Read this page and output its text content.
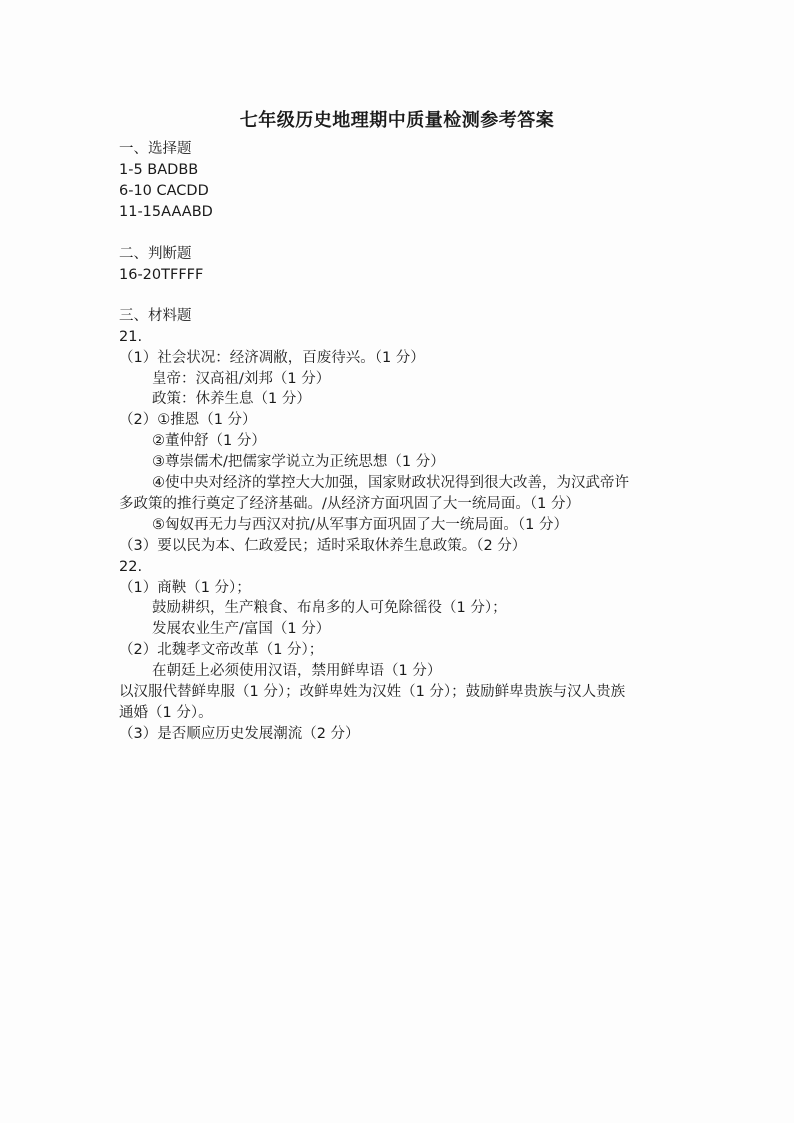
七年级历史地理期中质量检测参考答案
一、选择题
1-5 BADBB
6-10 CACDD
11-15AAABD
二、判断题
16-20TFFFF
三、材料题
21.
（1）社会状况：经济凋敝，百废待兴。（1 分）
皇帝：汉高祖/刘邦（1 分）
政策：休养生息（1 分）
（2）①推恩（1 分）
②董仲舒（1 分）
③尊崇儒术/把儒家学说立为正统思想（1 分）
④使中央对经济的掌控大大加强，国家财政状况得到很大改善，为汉武帝许
多政策的推行奠定了经济基础。/从经济方面巩固了大一统局面。（1 分）
⑤匈奴再无力与西汉对抗/从军事方面巩固了大一统局面。（1 分）
（3）要以民为本、仁政爱民；适时采取休养生息政策。（2 分）
22.
（1）商鞅（1 分）；
鼓励耕织，生产粮食、布帛多的人可免除徭役（1 分）；
发展农业生产/富国（1 分）
（2）北魏孝文帝改革（1 分）；
在朝廷上必须使用汉语，禁用鲜卑语（1 分）
以汉服代替鲜卑服（1 分）；改鲜卑姓为汉姓（1 分）；鼓励鲜卑贵族与汉人贵族
通婚（1 分）。
（3）是否顺应历史发展潮流（2 分）
